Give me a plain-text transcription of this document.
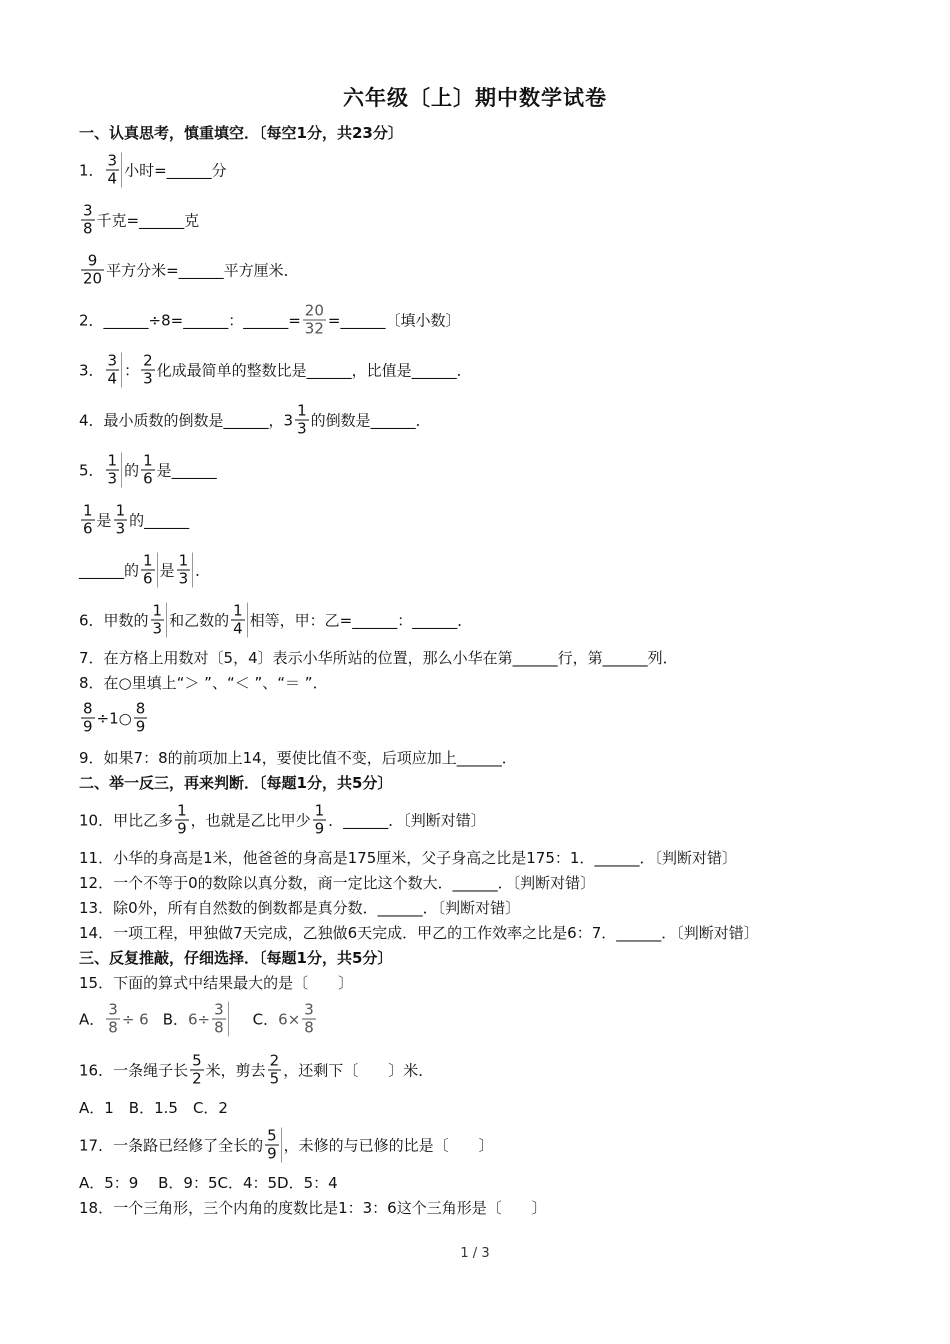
六年级〔上〕期中数学试卷
一、认真思考，慎重填空．〔每空1分，共23分〕
1．
3
4 小时=______分
3
8 千克=______克
9
20 平方分米=______平方厘米．
2．______÷8=______：______= $\frac{20}{32}$ =______〔填小数〕
3．
3
4 ：
2
3 化成最简单的整数比是______，比值是______．
4．最小质数的倒数是______，3
1
3 的倒数是______．
5．
1
3 的
1
6 是______
1
6 是
1
3 的______
______的
1
6 是
1
3 ．
6．甲数的
1
3 和乙数的
1
4 相等，甲：乙=______：______．
7．在方格上用数对〔5，4〕表示小华所站的位置，那么小华在第______行，第______列．
8．在○里填上“＞ ”、“＜ ”、“＝ ”．
$\frac{8}{9}$ ÷1○
8
9
9．如果7：8的前项加上14，要使比值不变，后项应加上______．
二、举一反三，再来判断．〔每题1分，共5分〕
10．甲比乙多
1
9 ，也就是乙比甲少
1
9 ．______．〔判断对错〕
11．小华的身高是1米，他爸爸的身高是175厘米，父子身高之比是175：1．______．〔判断对错〕
12．一个不等于0的数除以真分数，商一定比这个数大．______．〔判断对错〕
13．除0外，所有自然数的倒数都是真分数．______．〔判断对错〕
14．一项工程，甲独做7天完成，乙独做6天完成．甲乙的工作效率之比是6：7．______．〔判断对错〕
三、反复推敲，仔细选择．〔每题1分，共5分〕
15．下面的算式中结果最大的是〔　　〕
A． $\frac{3}{8} \div 6$ B． $6\div \frac{3}{8}$ C． $6\times \frac{3}{8}$
16．一条绳子长
5
2 米，剪去
2
5 ，还剩下〔　　〕米．
A．1　B．1.5　C．2
17．一条路已经修了全长的
5
9 ，未修的与已修的比是〔　　〕
A．5：9　 B．9：5C．4：5D．5：4
18．一个三角形，三个内角的度数比是1：3：6这个三角形是〔　　〕
1 / 3
